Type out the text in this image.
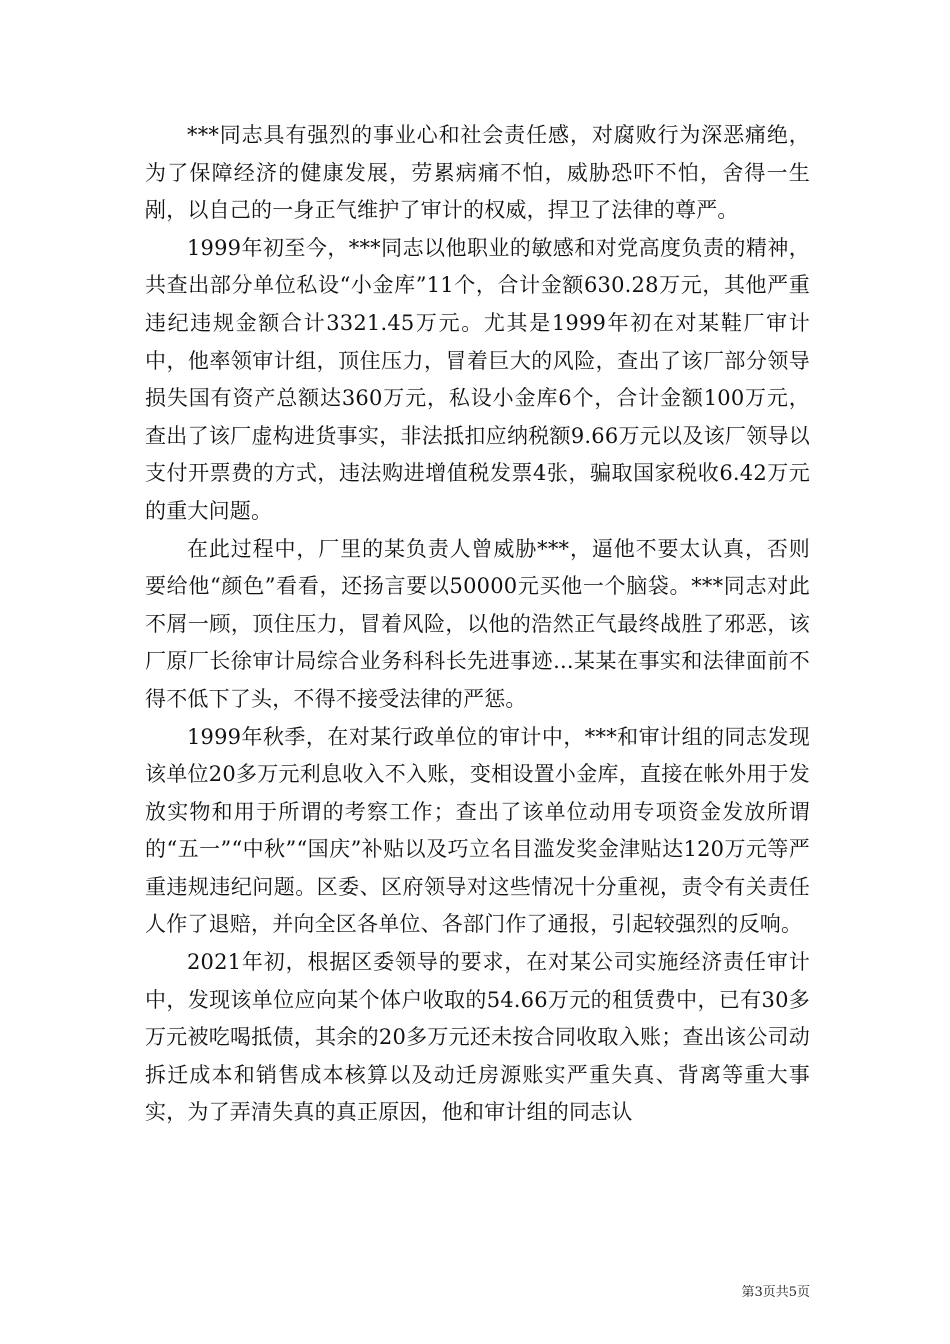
***同志具有强烈的事业心和社会责任感，对腐败行为深恶痛绝，为了保障经济的健康发展，劳累病痛不怕，威胁恐吓不怕，舍得一生剐，以自己的一身正气维护了审计的权威，捍卫了法律的尊严。

1999年初至今，***同志以他职业的敏感和对党高度负责的精神，共查出部分单位私设“小金库”11个，合计金额630.28万元，其他严重违纪违规金额合计3321.45万元。尤其是1999年初在对某鞋厂审计中，他率领审计组，顶住压力，冒着巨大的风险，查出了该厂部分领导损失国有资产总额达360万元，私设小金库6个，合计金额100万元，查出了该厂虚构进货事实，非法抵扣应纳税额9.66万元以及该厂领导以支付开票费的方式，违法购进增值税发票4张，骗取国家税收6.42万元的重大问题。

在此过程中，厂里的某负责人曾威胁***，逼他不要太认真，否则要给他“颜色”看看，还扬言要以50000元买他一个脑袋。***同志对此不屑一顾，顶住压力，冒着风险，以他的浩然正气最终战胜了邪恶，该厂原厂长徐审计局综合业务科科长先进事迹...某某在事实和法律面前不得不低下了头，不得不接受法律的严惩。

1999年秋季，在对某行政单位的审计中，***和审计组的同志发现该单位20多万元利息收入不入账，变相设置小金库，直接在帐外用于发放实物和用于所谓的考察工作；查出了该单位动用专项资金发放所谓的“五一”“中秋”“国庆”补贴以及巧立名目滥发奖金津贴达120万元等严重违规违纪问题。区委、区府领导对这些情况十分重视，责令有关责任人作了退赔，并向全区各单位、各部门作了通报，引起较强烈的反响。

2021年初，根据区委领导的要求，在对某公司实施经济责任审计中，发现该单位应向某个体户收取的54.66万元的租赁费中，已有30多万元被吃喝抵债，其余的20多万元还未按合同收取入账；查出该公司动拆迁成本和销售成本核算以及动迁房源账实严重失真、背离等重大事实，为了弄清失真的真正原因，他和审计组的同志认

第3页共5页
